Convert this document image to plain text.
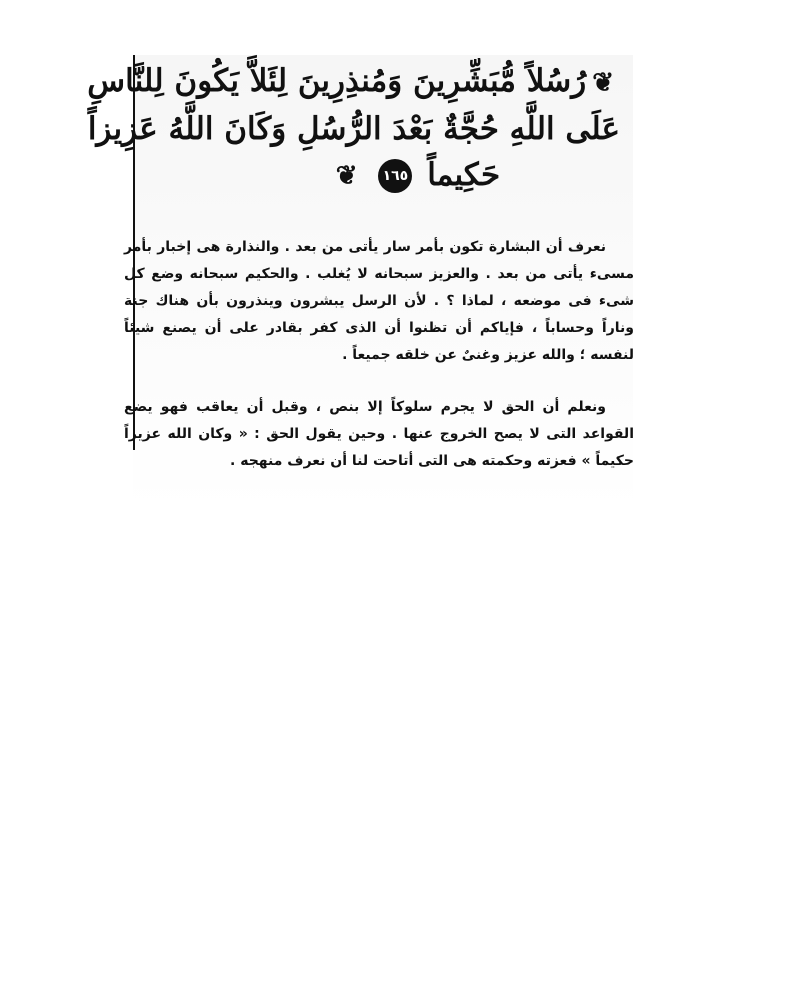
❦رُسُلاً مُّبَشِّرِينَ وَمُنذِرِينَ لِئَلاَّ يَكُونَ لِلنَّاسِ
عَلَى اللَّهِ حُجَّةٌ بَعْدَ الرُّسُلِ وَكَانَ اللَّهُ عَزِيزاً
حَكِيماً ١٦٥ ❦

نعرف أن البشارة تكون بأمر سار يأتى من بعد . والنذارة هى إخبار بأمر مسىء يأتى من بعد . والعزيز سبحانه لا يُغلب . والحكيم سبحانه وضع كل شىء فى موضعه ، لماذا ؟ . لأن الرسل يبشرون وينذرون بأن هناك جنة وناراً وحساباً ، فإياكم أن تظنوا أن الذى كفر بقادر على أن يصنع شيئاً لنفسه ؛ والله عزيز وغنىٌ عن خلقه جميعاً .

ونعلم أن الحق لا يجرم سلوكاً إلا بنص ، وقبل أن يعاقب فهو يضع القواعد التى لا يصح الخروج عنها . وحين يقول الحق : « وكان الله عزيزاً حكيماً » فعزته وحكمته هى التى أتاحت لنا أن نعرف منهجه .
